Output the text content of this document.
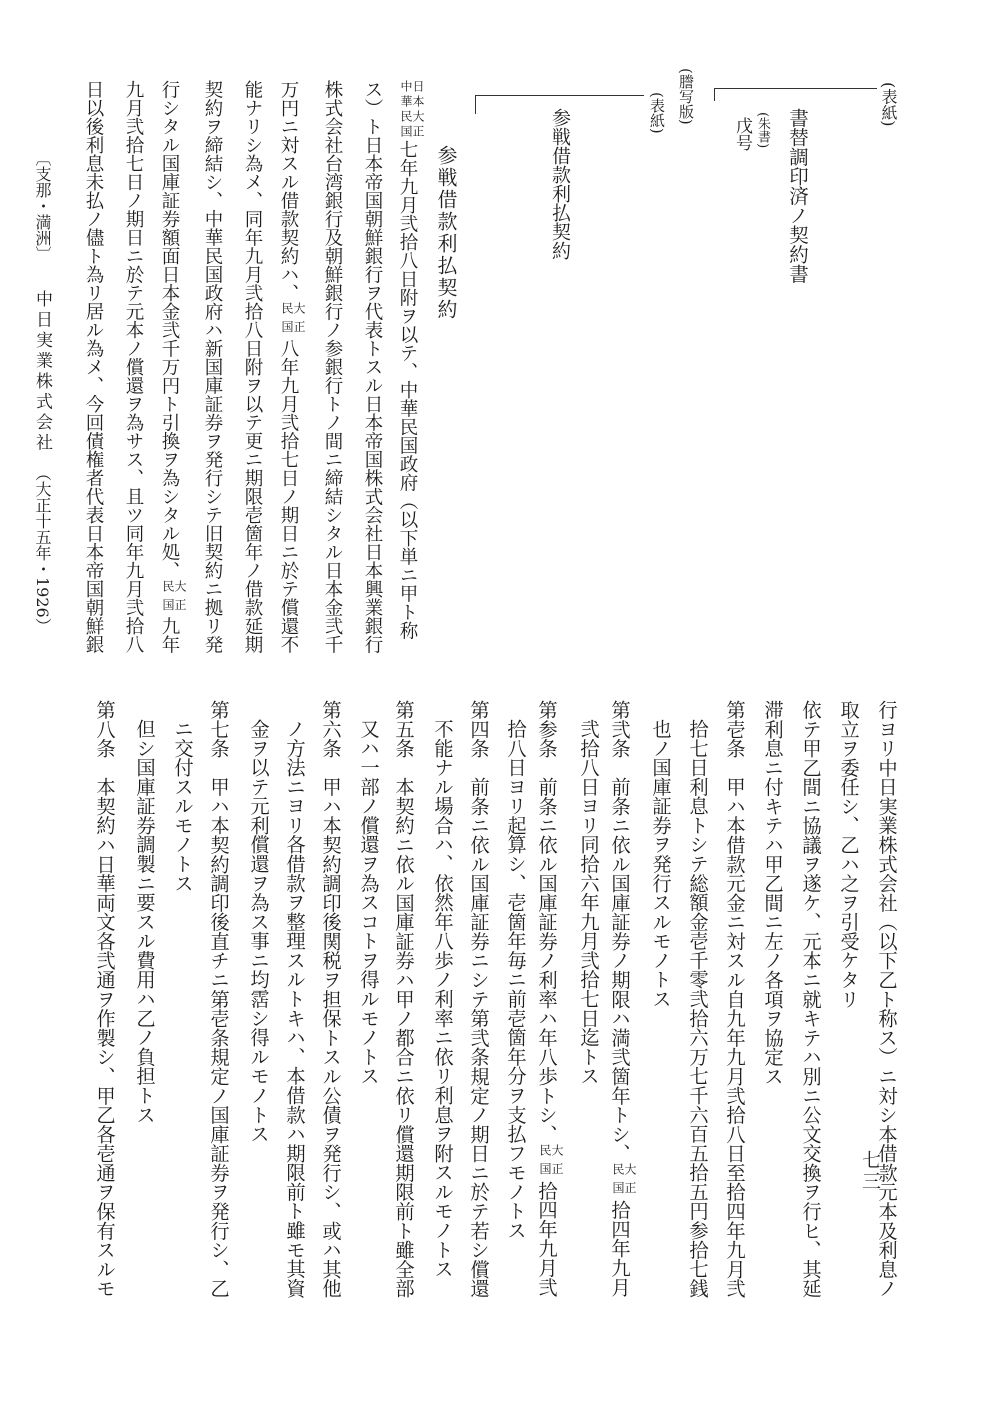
(表紙)
書替調印済ノ契約書
(朱書)
戊号
(謄写版)
(表紙)
参戦借款利払契約
参戦借款利払契約
日本大正
中華民国
七年九月弐拾八日附ヲ以テ、中華民国政府（以下単ニ甲ト称
ス）ト日本帝国朝鮮銀行ヲ代表トスル日本帝国株式会社日本興業銀行
株式会社台湾銀行及朝鮮銀行ノ参銀行トノ間ニ締結シタル日本金弐千
万円ニ対スル借款契約ハ、
大正
民国
八年九月弐拾七日ノ期日ニ於テ償還不
能ナリシ為メ、同年九月弐拾八日附ヲ以テ更ニ期限壱箇年ノ借款延期
契約ヲ締結シ、中華民国政府ハ新国庫証券ヲ発行シテ旧契約ニ拠リ発
行シタル国庫証券額面日本金弐千万円ト引換ヲ為シタル処、
大正
民国
九年
九月弐拾七日ノ期日ニ於テ元本ノ償還ヲ為サス、且ツ同年九月弐拾八
日以後利息未払ノ儘ト為リ居ル為メ、今回債権者代表日本帝国朝鮮銀
〔支那・満洲〕
中日実業株式会社
（大正十五年・1926）
行ヨリ中日実業株式会社（以下乙ト称ス）ニ対シ本借款元本及利息ノ
取立ヲ委任シ、乙ハ之ヲ引受ケタリ
依テ甲乙間ニ協議ヲ遂ケ、元本ニ就キテハ別ニ公文交換ヲ行ヒ、其延
滞利息ニ付キテハ甲乙間ニ左ノ各項ヲ協定ス
第壱条　甲ハ本借款元金ニ対スル自九年九月弐拾八日至拾四年九月弐
拾七日利息トシテ総額金壱千零弐拾六万七千六百五拾五円参拾七銭
也ノ国庫証券ヲ発行スルモノトス
第弐条　前条ニ依ル国庫証券ノ期限ハ満弐箇年トシ、
大正
民国
拾四年九月
弐拾八日ヨリ同拾六年九月弐拾七日迄トス
第参条　前条ニ依ル国庫証券ノ利率ハ年八歩トシ、
大正
民国
拾四年九月弐
拾八日ヨリ起算シ、壱箇年毎ニ前壱箇年分ヲ支払フモノトス
第四条　前条ニ依ル国庫証券ニシテ第弐条規定ノ期日ニ於テ若シ償還
不能ナル場合ハ、依然年八歩ノ利率ニ依リ利息ヲ附スルモノトス
第五条　本契約ニ依ル国庫証券ハ甲ノ都合ニ依リ償還期限前ト雖全部
又ハ一部ノ償還ヲ為スコトヲ得ルモノトス
第六条　甲ハ本契約調印後関税ヲ担保トスル公債ヲ発行シ、或ハ其他
ノ方法ニヨリ各借款ヲ整理スルトキハ、本借款ハ期限前ト雖モ其資
金ヲ以テ元利償還ヲ為ス事ニ均霑シ得ルモノトス
第七条　甲ハ本契約調印後直チニ第壱条規定ノ国庫証券ヲ発行シ、乙
ニ交付スルモノトス
但シ国庫証券調製ニ要スル費用ハ乙ノ負担トス
第八条　本契約ハ日華両文各弐通ヲ作製シ、甲乙各壱通ヲ保有スルモ	七三
